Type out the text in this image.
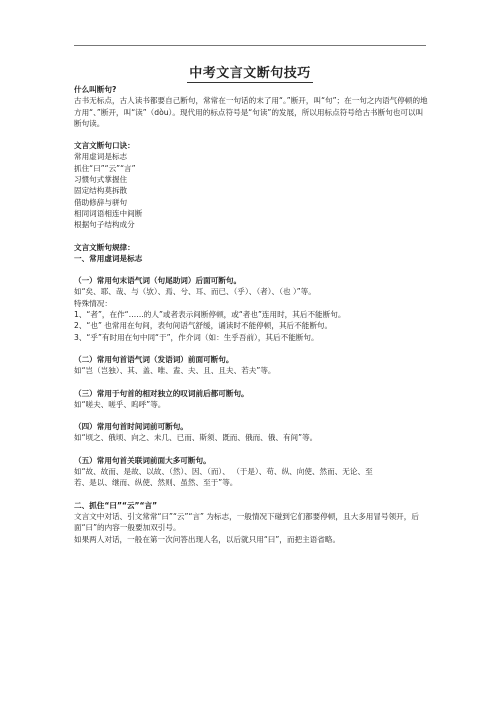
中考文言文断句技巧

什么叫断句?

古书无标点，古人读书都要自己断句，常常在一句话的末了用“。”断开，叫“句”；在一句之内语气停顿的地方用“、”断开，叫“读”（dòu）。现代用的标点符号是“句读”的发展，所以用标点符号给古书断句也可以叫断句读。

文言文断句口诀：

常用虚词是标志

抓住“曰”“云”“言”

习惯句式掌握住

固定结构莫拆散

借助修辞与骈句

相同词语相连中间断

根据句子结构成分

文言文断句规律：

一、常用虚词是标志

（一）常用句末语气词（句尾助词）后面可断句。

如“矣、耶、哉、与（欤）、焉、兮、耳、而已、（乎）、（者）、（也 ）”等。

特殊情况：

1、“者”，在作“……的人”或者表示间断停顿，或“者也”连用时，其后不能断句。

2、“也” 也常用在句间，表句间语气舒缓，诵读时不能停顿，其后不能断句。

3、“乎”有时用在句中同“于”，作介词（如：生乎吾前），其后不能断句。

（二）常用句首语气词（发语词）前面可断句。

如“岂（岂独）、其、盖、唯、盍、夫、且、且夫、若夫”等。

（三）常用于句首的相对独立的叹词前后都可断句。

如“嗟夫、嗟乎、呜呼”等。

（四）常用句首时间词前可断句。

如“顷之、俄顷、向之、未几、已而、斯须、既而、俄而、俄、有间”等。

（五）常用句首关联词前面大多可断句。

如“故、故而、是故、以故、（然）、因、（而）、 （于是）、苟、纵、向使、然而、无论、至

若、是以、继而、纵使、然则、虽然、至于”等。

二、抓住“曰”“云”“言”

文言文中对话、引文常常“曰”“云”“言” 为标志，一般情况下碰到它们都要停顿，且大多用冒号领开，后面“曰”的内容一般要加双引号。

如果两人对话，一般在第一次问答出现人名，以后就只用“曰”，而把主语省略。
